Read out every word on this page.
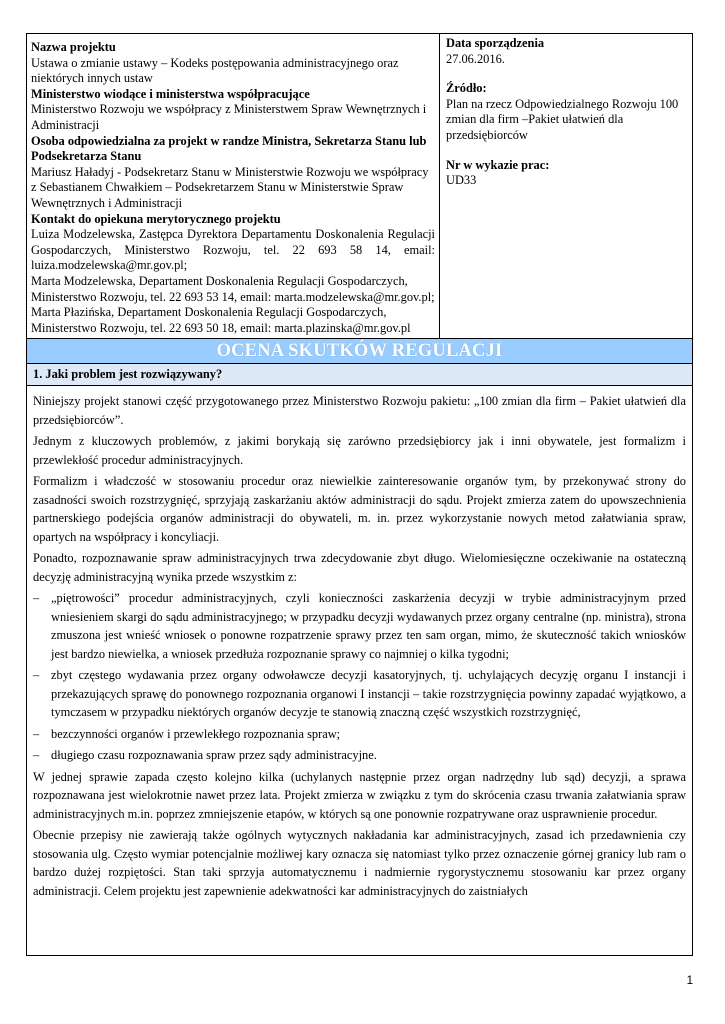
Nazwa projektu
Ustawa o zmianie ustawy – Kodeks postępowania administracyjnego oraz niektórych innych ustaw
Ministerstwo wiodące i ministerstwa współpracujące
Ministerstwo Rozwoju we współpracy z Ministerstwem Spraw Wewnętrznych i Administracji
Osoba odpowiedzialna za projekt w randze Ministra, Sekretarza Stanu lub Podsekretarza Stanu
Mariusz Haładyj - Podsekretarz Stanu w Ministerstwie Rozwoju we współpracy z Sebastianem Chwałkiem – Podsekretarzem Stanu w Ministerstwie Spraw Wewnętrznych i Administracji
Kontakt do opiekuna merytorycznego projektu
Luiza Modzelewska, Zastępca Dyrektora Departamentu Doskonalenia Regulacji Gospodarczych, Ministerstwo Rozwoju, tel. 22 693 58 14, email: luiza.modzelewska@mr.gov.pl;
Marta Modzelewska, Departament Doskonalenia Regulacji Gospodarczych, Ministerstwo Rozwoju, tel. 22 693 53 14, email: marta.modzelewska@mr.gov.pl;
Marta Płazińska, Departament Doskonalenia Regulacji Gospodarczych, Ministerstwo Rozwoju, tel. 22 693 50 18, email: marta.plazinska@mr.gov.pl

Data sporządzenia
27.06.2016.
Źródło:
Plan na rzecz Odpowiedzialnego Rozwoju 100 zmian dla firm –Pakiet ułatwień dla przedsiębiorców
Nr w wykazie prac:
UD33

OCENA SKUTKÓW REGULACJI
1. Jaki problem jest rozwiązywany?

Niniejszy projekt stanowi część przygotowanego przez Ministerstwo Rozwoju pakietu: „100 zmian dla firm – Pakiet ułatwień dla przedsiębiorców”.

Jednym z kluczowych problemów, z jakimi borykają się zarówno przedsiębiorcy jak i inni obywatele, jest formalizm i przewlekłość procedur administracyjnych.

Formalizm i władczość w stosowaniu procedur oraz niewielkie zainteresowanie organów tym, by przekonywać strony do zasadności swoich rozstrzygnięć, sprzyjają zaskarżaniu aktów administracji do sądu. Projekt zmierza zatem do upowszechnienia partnerskiego podejścia organów administracji do obywateli, m. in. przez wykorzystanie nowych metod załatwiania spraw, opartych na współpracy i koncyliacji.

Ponadto, rozpoznawanie spraw administracyjnych trwa zdecydowanie zbyt długo. Wielomiesięczne oczekiwanie na ostateczną decyzję administracyjną wynika przede wszystkim z:

– „piętrowości” procedur administracyjnych, czyli konieczności zaskarżenia decyzji w trybie administracyjnym przed wniesieniem skargi do sądu administracyjnego; w przypadku decyzji wydawanych przez organy centralne (np. ministra), strona zmuszona jest wnieść wniosek o ponowne rozpatrzenie sprawy przez ten sam organ, mimo, że skuteczność takich wniosków jest bardzo niewielka, a wniosek przedłuża rozpoznanie sprawy co najmniej o kilka tygodni;
– zbyt częstego wydawania przez organy odwoławcze decyzji kasatoryjnych, tj. uchylających decyzję organu I instancji i przekazujących sprawę do ponownego rozpoznania organowi I instancji – takie rozstrzygnięcia powinny zapadać wyjątkowo, a tymczasem w przypadku niektórych organów decyzje te stanowią znaczną część wszystkich rozstrzygnięć,
– bezczynności organów i przewlekłego rozpoznania spraw;
– długiego czasu rozpoznawania spraw przez sądy administracyjne.

W jednej sprawie zapada często kolejno kilka (uchylanych następnie przez organ nadrzędny lub sąd) decyzji, a sprawa rozpoznawana jest wielokrotnie nawet przez lata. Projekt zmierza w związku z tym do skrócenia czasu trwania załatwiania spraw administracyjnych m.in. poprzez zmniejszenie etapów, w których są one ponownie rozpatrywane oraz usprawnienie procedur.

Obecnie przepisy nie zawierają także ogólnych wytycznych nakładania kar administracyjnych, zasad ich przedawnienia czy stosowania ulg. Często wymiar potencjalnie możliwej kary oznacza się natomiast tylko przez oznaczenie górnej granicy lub ram o bardzo dużej rozpiętości. Stan taki sprzyja automatycznemu i nadmiernie rygorystycznemu stosowaniu kar przez organy administracji. Celem projektu jest zapewnienie adekwatności kar administracyjnych do zaistniałych

1
